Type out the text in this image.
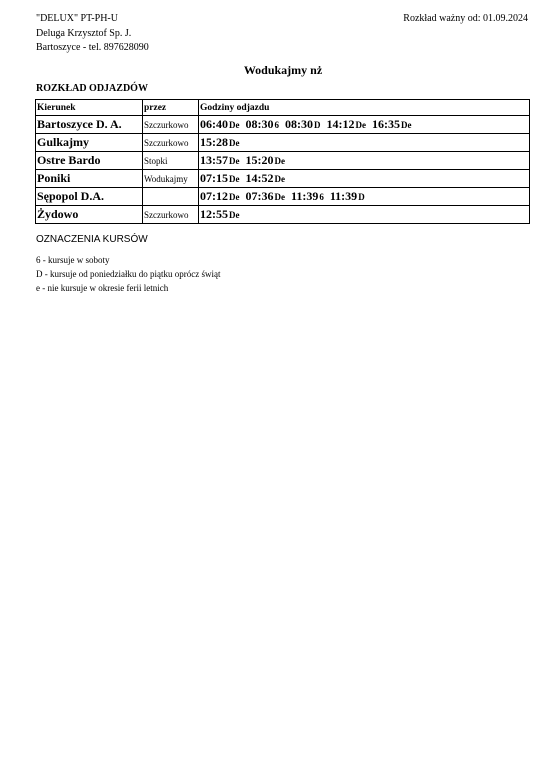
"DELUX" PT-PH-U
Deluga Krzysztof Sp. J.
Bartoszyce - tel. 897628090
Rozkład ważny od: 01.09.2024
Wodukajmy nż
ROZKŁAD ODJAZDÓW
Kierunek	przez	Godziny odjazdu
Bartoszyce D. A.	Szczurkowo	06:40De 08:306 08:30D 14:12De 16:35De
Gulkajmy	Szczurkowo	15:28De
Ostre Bardo	Stopki	13:57De 15:20De
Poniki	Wodukajmy	07:15De 14:52De
Sępopol D.A.		07:12De 07:36De 11:396 11:39D
Żydowo	Szczurkowo	12:55De
OZNACZENIA KURSÓW
6 - kursuje w soboty
D - kursuje od poniedziałku do piątku oprócz świąt
e - nie kursuje w okresie ferii letnich
